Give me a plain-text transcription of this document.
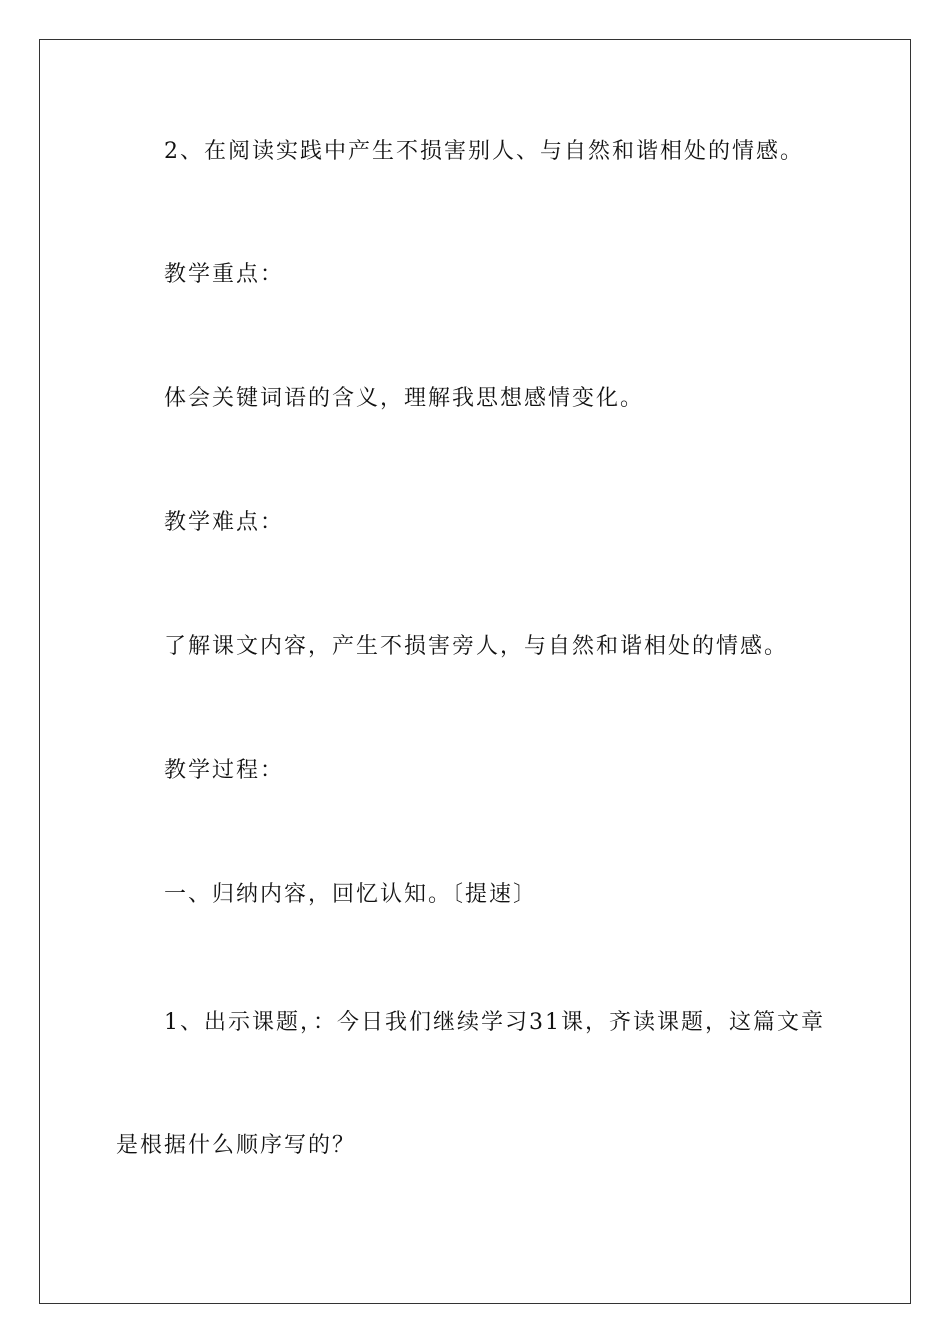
2、在阅读实践中产生不损害别人、与自然和谐相处的情感。

教学重点：

体会关键词语的含义，理解我思想感情变化。

教学难点：

了解课文内容，产生不损害旁人，与自然和谐相处的情感。

教学过程：

一、归纳内容，回忆认知。〔提速〕

1、出示课题，：今日我们继续学习31课，齐读课题，这篇文章

是根据什么顺序写的？
